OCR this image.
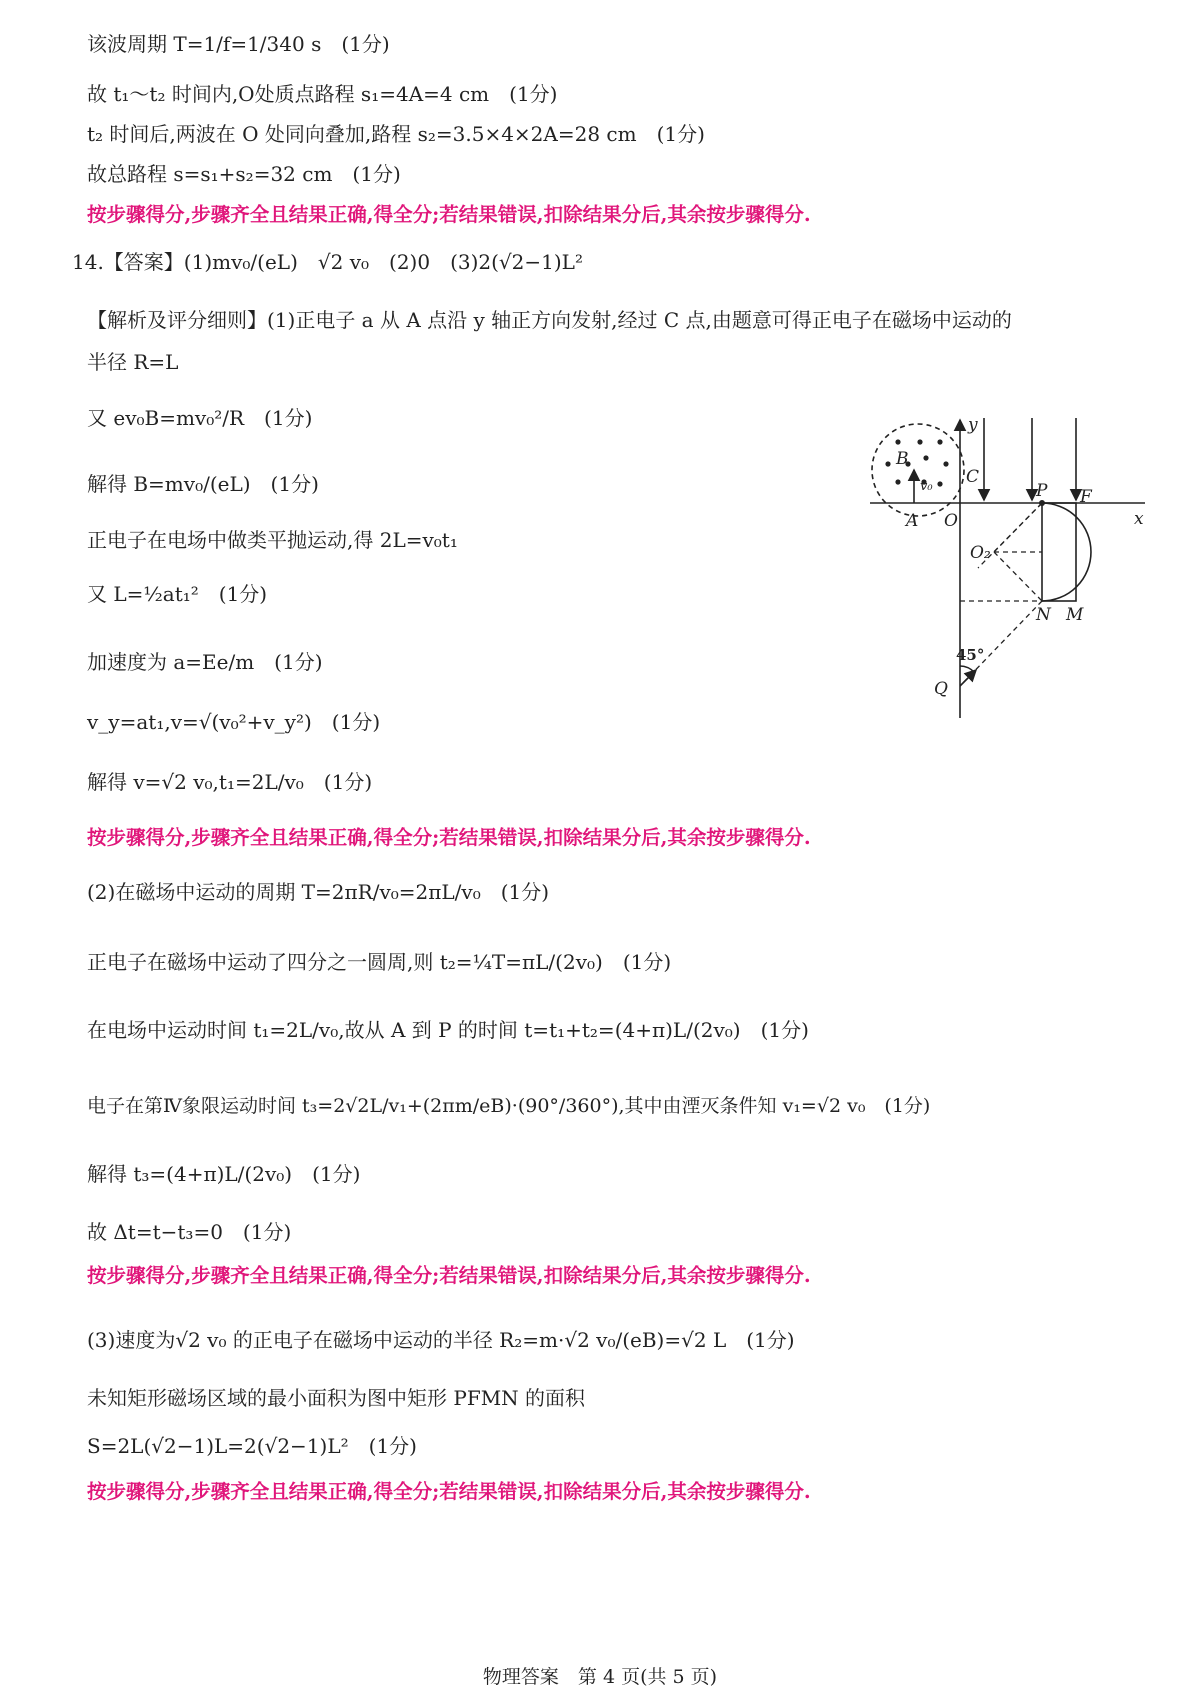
该波周期 T=1/f=1/340 s　(1分)
故 t₁～t₂ 时间内,O处质点路程 s₁=4A=4 cm　(1分)
t₂ 时间后,两波在 O 处同向叠加,路程 s₂=3.5×4×2A=28 cm　(1分)
故总路程 s=s₁+s₂=32 cm　(1分)
按步骤得分,步骤齐全且结果正确,得全分;若结果错误,扣除结果分后,其余按步骤得分.
14.【答案】(1)mv₀/(eL)　√2 v₀　(2)0　(3)2(√2−1)L²
【解析及评分细则】(1)正电子 a 从 A 点沿 y 轴正方向发射,经过 C 点,由题意可得正电子在磁场中运动的
半径 R=L
又 ev₀B=mv₀²/R　(1分)
解得 B=mv₀/(eL)　(1分)
正电子在电场中做类平抛运动,得 2L=v₀t₁
又 L=½at₁²　(1分)
加速度为 a=Ee/m　(1分)
v_y=at₁,v=√(v₀²+v_y²)　(1分)
解得 v=√2 v₀,t₁=2L/v₀　(1分)
按步骤得分,步骤齐全且结果正确,得全分;若结果错误,扣除结果分后,其余按步骤得分.
(2)在磁场中运动的周期 T=2πR/v₀=2πL/v₀　(1分)
正电子在磁场中运动了四分之一圆周,则 t₂=¼T=πL/(2v₀)　(1分)
在电场中运动时间 t₁=2L/v₀,故从 A 到 P 的时间 t=t₁+t₂=(4+π)L/(2v₀)　(1分)
电子在第Ⅳ象限运动时间 t₃=2√2L/v₁+(2πm/eB)·(90°/360°),其中由湮灭条件知 v₁=√2 v₀　(1分)
解得 t₃=(4+π)L/(2v₀)　(1分)
故 Δt=t−t₃=0　(1分)
按步骤得分,步骤齐全且结果正确,得全分;若结果错误,扣除结果分后,其余按步骤得分.
(3)速度为√2 v₀ 的正电子在磁场中运动的半径 R₂=m·√2 v₀/(eB)=√2 L　(1分)
未知矩形磁场区域的最小面积为图中矩形 PFMN 的面积
S=2L(√2−1)L=2(√2−1)L²　(1分)
按步骤得分,步骤齐全且结果正确,得全分;若结果错误,扣除结果分后,其余按步骤得分.
y
x
B
v₀ C
A O
P F
O₂
N M
Q
45°
物理答案　第 4 页(共 5 页)
